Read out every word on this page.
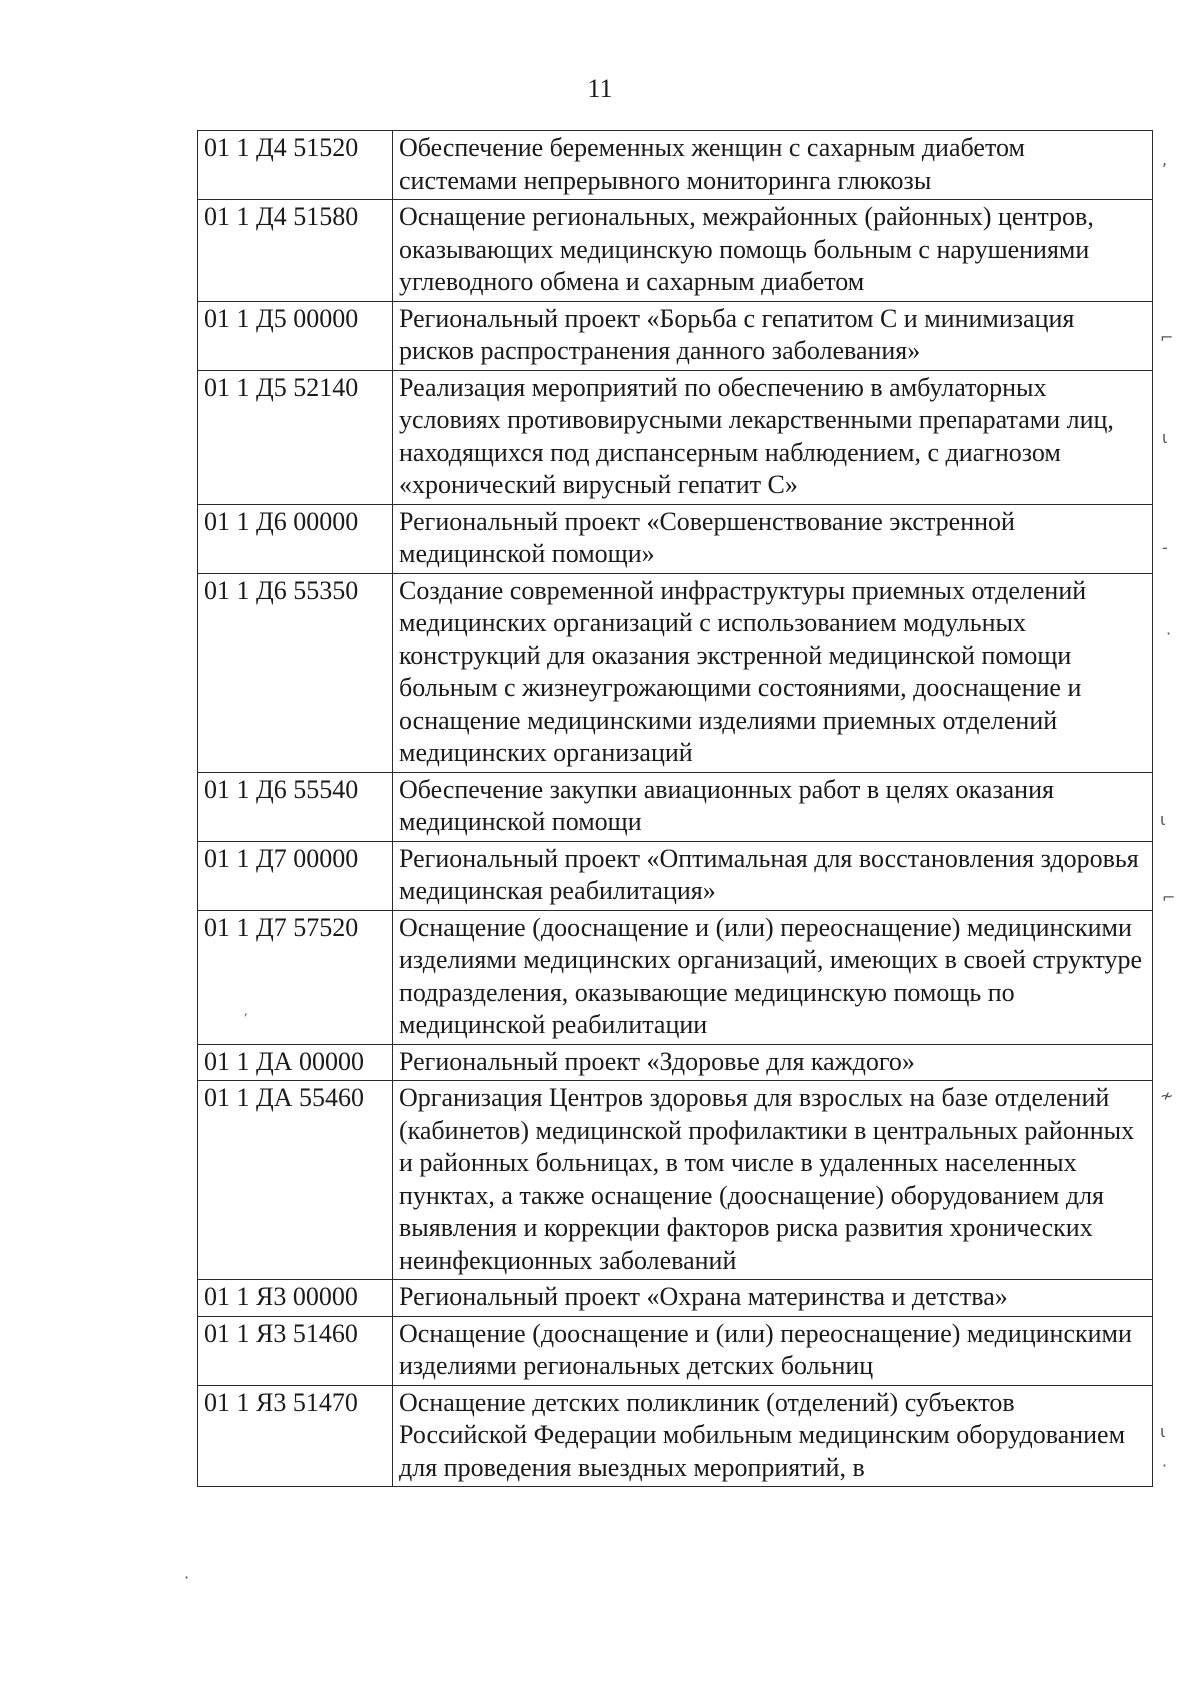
11
01 1 Д4 51520	Обеспечение беременных женщин с сахарным диабетом системами непрерывного мониторинга глюкозы
01 1 Д4 51580	Оснащение региональных, межрайонных (районных) центров, оказывающих медицинскую помощь больным с нарушениями углеводного обмена и сахарным диабетом
01 1 Д5 00000	Региональный проект «Борьба с гепатитом С и минимизация рисков распространения данного заболевания»
01 1 Д5 52140	Реализация мероприятий по обеспечению в амбулаторных условиях противовирусными лекарственными препаратами лиц, находящихся под диспансерным наблюдением, с диагнозом «хронический вирусный гепатит С»
01 1 Д6 00000	Региональный проект «Совершенствование экстренной медицинской помощи»
01 1 Д6 55350	Создание современной инфраструктуры приемных отделений медицинских организаций с использованием модульных конструкций для оказания экстренной медицинской помощи больным с жизнеугрожающими состояниями, дооснащение и оснащение медицинскими изделиями приемных отделений медицинских организаций
01 1 Д6 55540	Обеспечение закупки авиационных работ в целях оказания медицинской помощи
01 1 Д7 00000	Региональный проект «Оптимальная для восстановления здоровья медицинская реабилитация»
01 1 Д7 57520	Оснащение (дооснащение и (или) переоснащение) медицинскими изделиями медицинских организаций, имеющих в своей структуре подразделения, оказывающие медицинскую помощь по медицинской реабилитации
01 1 ДА 00000	Региональный проект «Здоровье для каждого»
01 1 ДА 55460	Организация Центров здоровья для взрослых на базе отделений (кабинетов) медицинской профилактики в центральных районных и районных больницах, в том числе в удаленных населенных пунктах, а также оснащение (дооснащение) оборудованием для выявления и коррекции факторов риска развития хронических неинфекционных заболеваний
01 1 Я3 00000	Региональный проект «Охрана материнства и детства»
01 1 Я3 51460	Оснащение (дооснащение и (или) переоснащение) медицинскими изделиями региональных детских больниц
01 1 Я3 51470	Оснащение детских поликлиник (отделений) субъектов Российской Федерации мобильным медицинским оборудованием для проведения выездных мероприятий, в
,
⌐
ι
-
·
ι
⌐
′
≁
ι
·
·
